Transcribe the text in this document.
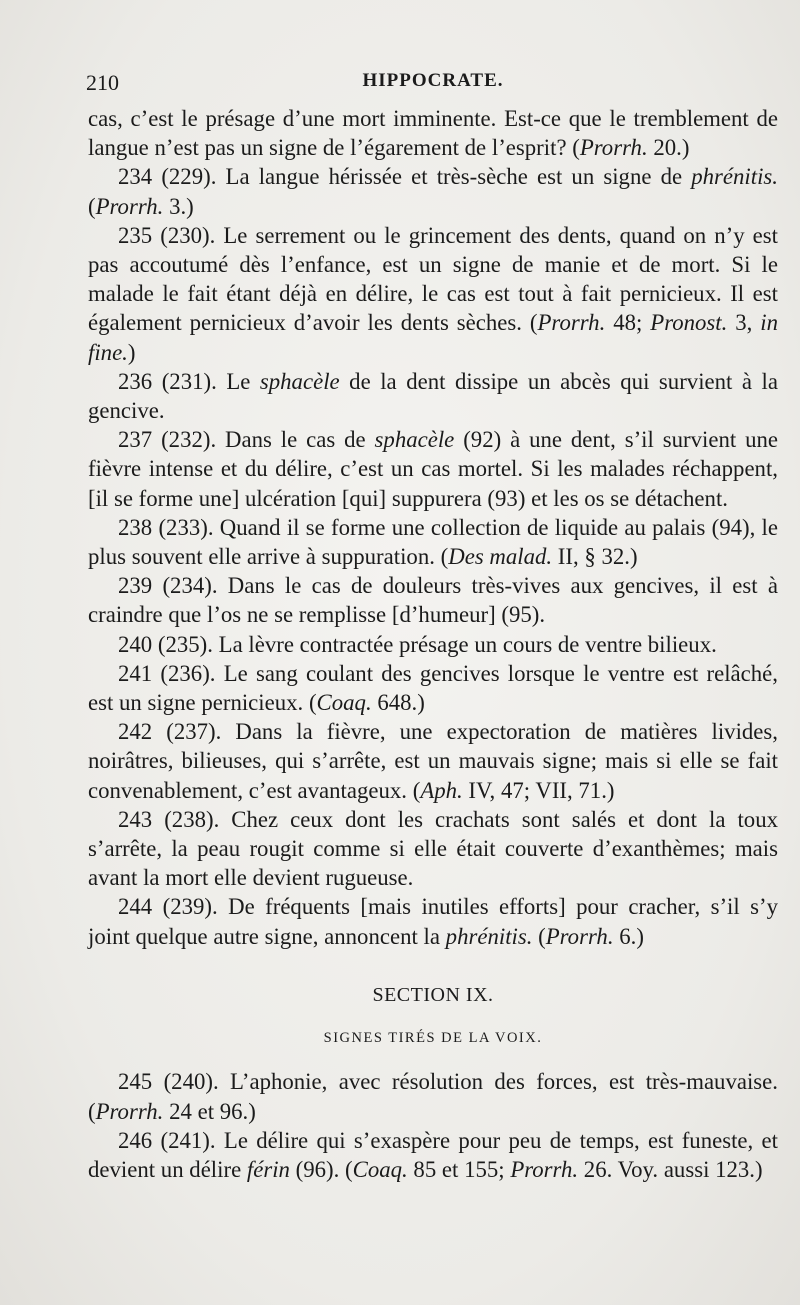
210	HIPPOCRATE.

cas, c’est le présage d’une mort imminente. Est-ce que le tremblement de langue n’est pas un signe de l’égarement de l’esprit? (Prorrh. 20.)

234 (229). La langue hérissée et très-sèche est un signe de phrénitis. (Prorrh. 3.)

235 (230). Le serrement ou le grincement des dents, quand on n’y est pas accoutumé dès l’enfance, est un signe de manie et de mort. Si le malade le fait étant déjà en délire, le cas est tout à fait pernicieux. Il est également pernicieux d’avoir les dents sèches. (Prorrh. 48; Pronost. 3, in fine.)

236 (231). Le sphacèle de la dent dissipe un abcès qui survient à la gencive.

237 (232). Dans le cas de sphacèle (92) à une dent, s’il survient une fièvre intense et du délire, c’est un cas mortel. Si les malades réchappent, [il se forme une] ulcération [qui] suppurera (93) et les os se détachent.

238 (233). Quand il se forme une collection de liquide au palais (94), le plus souvent elle arrive à suppuration. (Des malad. II, § 32.)

239 (234). Dans le cas de douleurs très-vives aux gencives, il est à craindre que l’os ne se remplisse [d’humeur] (95).

240 (235). La lèvre contractée présage un cours de ventre bilieux.

241 (236). Le sang coulant des gencives lorsque le ventre est relâché, est un signe pernicieux. (Coaq. 648.)

242 (237). Dans la fièvre, une expectoration de matières livides, noirâtres, bilieuses, qui s’arrête, est un mauvais signe; mais si elle se fait convenablement, c’est avantageux. (Aph. IV, 47; VII, 71.)

243 (238). Chez ceux dont les crachats sont salés et dont la toux s’arrête, la peau rougit comme si elle était couverte d’exanthèmes; mais avant la mort elle devient rugueuse.

244 (239). De fréquents [mais inutiles efforts] pour cracher, s’il s’y joint quelque autre signe, annoncent la phrénitis. (Prorrh. 6.)

SECTION IX.
SIGNES TIRÉS DE LA VOIX.

245 (240). L’aphonie, avec résolution des forces, est très-mauvaise. (Prorrh. 24 et 96.)

246 (241). Le délire qui s’exaspère pour peu de temps, est funeste, et devient un délire férin (96). (Coaq. 85 et 155; Prorrh. 26. Voy. aussi 123.)
